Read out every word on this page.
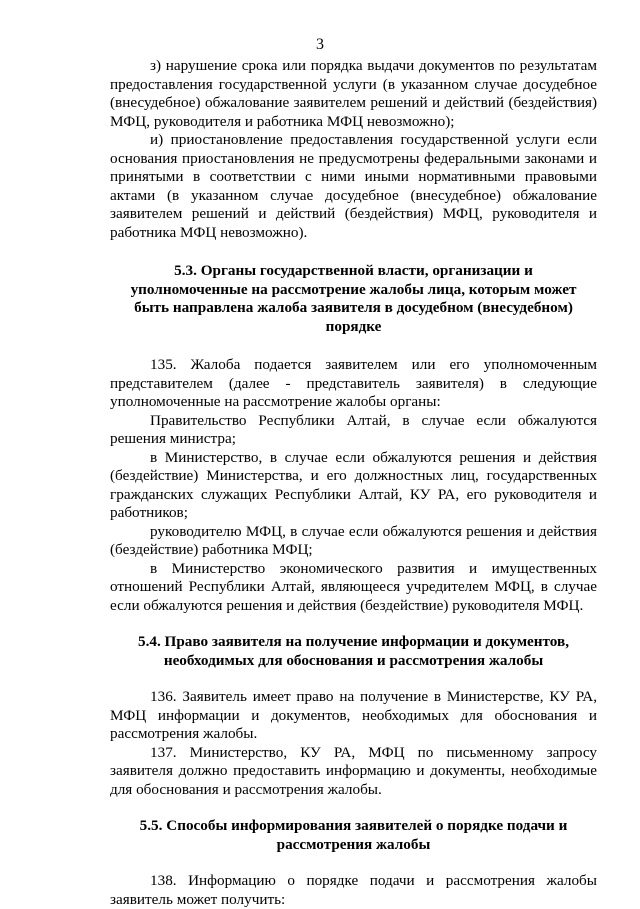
3

з) нарушение срока или порядка выдачи документов по результатам предоставления государственной услуги (в указанном случае досудебное (внесудебное) обжалование заявителем решений и действий (бездействия) МФЦ, руководителя и работника МФЦ невозможно);

и) приостановление предоставления государственной услуги если основания приостановления не предусмотрены федеральными законами и принятыми в соответствии с ними иными нормативными правовыми актами (в указанном случае досудебное (внесудебное) обжалование заявителем решений и действий (бездействия) МФЦ, руководителя и работника МФЦ невозможно).

5.3. Органы государственной власти, организации и уполномоченные на рассмотрение жалобы лица, которым может быть направлена жалоба заявителя в досудебном (внесудебном) порядке

135. Жалоба подается заявителем или его уполномоченным представителем (далее - представитель заявителя) в следующие уполномоченные на рассмотрение жалобы органы:

Правительство Республики Алтай, в случае если обжалуются решения министра;

в Министерство, в случае если обжалуются решения и действия (бездействие) Министерства, и его должностных лиц, государственных гражданских служащих Республики Алтай, КУ РА, его руководителя и работников;

руководителю МФЦ, в случае если обжалуются решения и действия (бездействие) работника МФЦ;

в Министерство экономического развития и имущественных отношений Республики Алтай, являющееся учредителем МФЦ, в случае если обжалуются решения и действия (бездействие) руководителя МФЦ.

5.4. Право заявителя на получение информации и документов, необходимых для обоснования и рассмотрения жалобы

136. Заявитель имеет право на получение в Министерстве, КУ РА, МФЦ информации и документов, необходимых для обоснования и рассмотрения жалобы.

137. Министерство, КУ РА, МФЦ по письменному запросу заявителя должно предоставить информацию и документы, необходимые для обоснования и рассмотрения жалобы.

5.5. Способы информирования заявителей о порядке подачи и рассмотрения жалобы

138. Информацию о порядке подачи и рассмотрения жалобы заявитель может получить:
